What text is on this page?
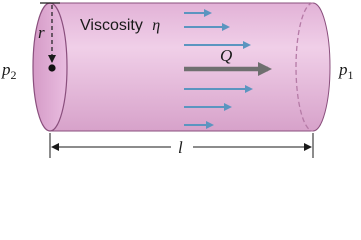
r
$p_2$	$p_1$
Viscosity η
Q
l
